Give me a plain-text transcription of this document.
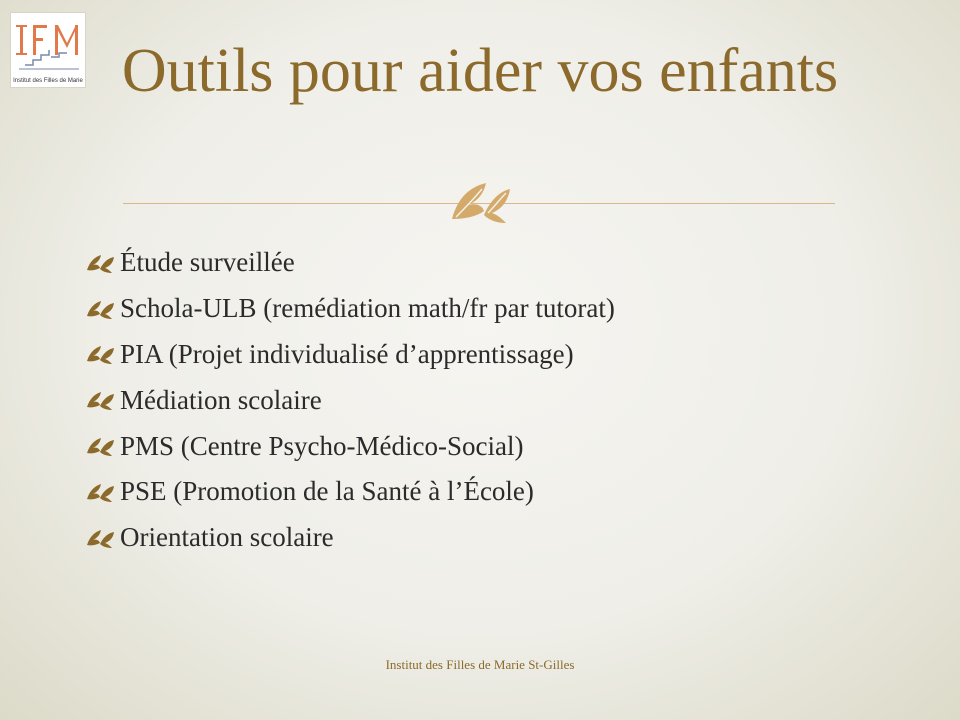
Institut des Filles de Marie Outils pour aider vos enfants
Étude surveillée
Schola-ULB (remédiation math/fr par tutorat)
PIA (Projet individualisé d’apprentissage)
Médiation scolaire
PMS (Centre Psycho-Médico-Social)
PSE (Promotion de la Santé à l’École)
Orientation scolaire
Institut des Filles de Marie St-Gilles
